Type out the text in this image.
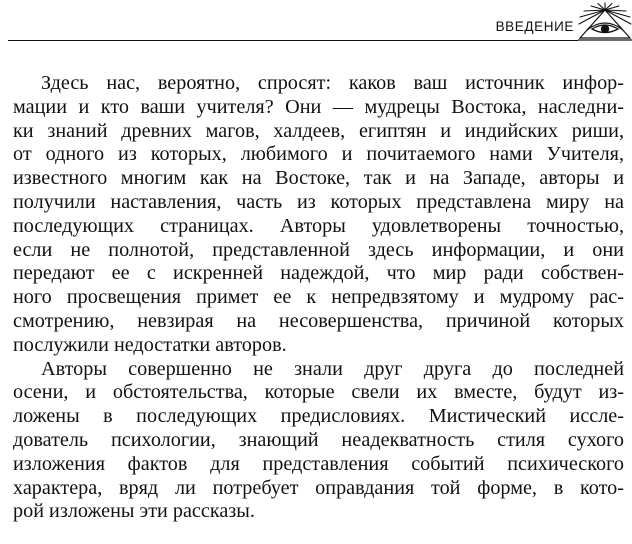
ВВЕДЕНИЕ

Здесь нас, вероятно, спросят: каков ваш источник инфор-
мации и кто ваши учителя? Они — мудрецы Востока, наследни-
ки знаний древних магов, халдеев, египтян и индийских риши,
от одного из которых, любимого и почитаемого нами Учителя,
известного многим как на Востоке, так и на Западе, авторы и
получили наставления, часть из которых представлена миру на
последующих страницах. Авторы удовлетворены точностью,
если не полнотой, представленной здесь информации, и они
передают ее с искренней надеждой, что мир ради собствен-
ного просвещения примет ее к непредвзятому и мудрому рас-
смотрению, невзирая на несовершенства, причиной которых
послужили недостатки авторов.

Авторы совершенно не знали друг друга до последней
осени, и обстоятельства, которые свели их вместе, будут из-
ложены в последующих предисловиях. Мистический иссле-
дователь психологии, знающий неадекватность стиля сухого
изложения фактов для представления событий психического
характера, вряд ли потребует оправдания той форме, в кото-
рой изложены эти рассказы.
